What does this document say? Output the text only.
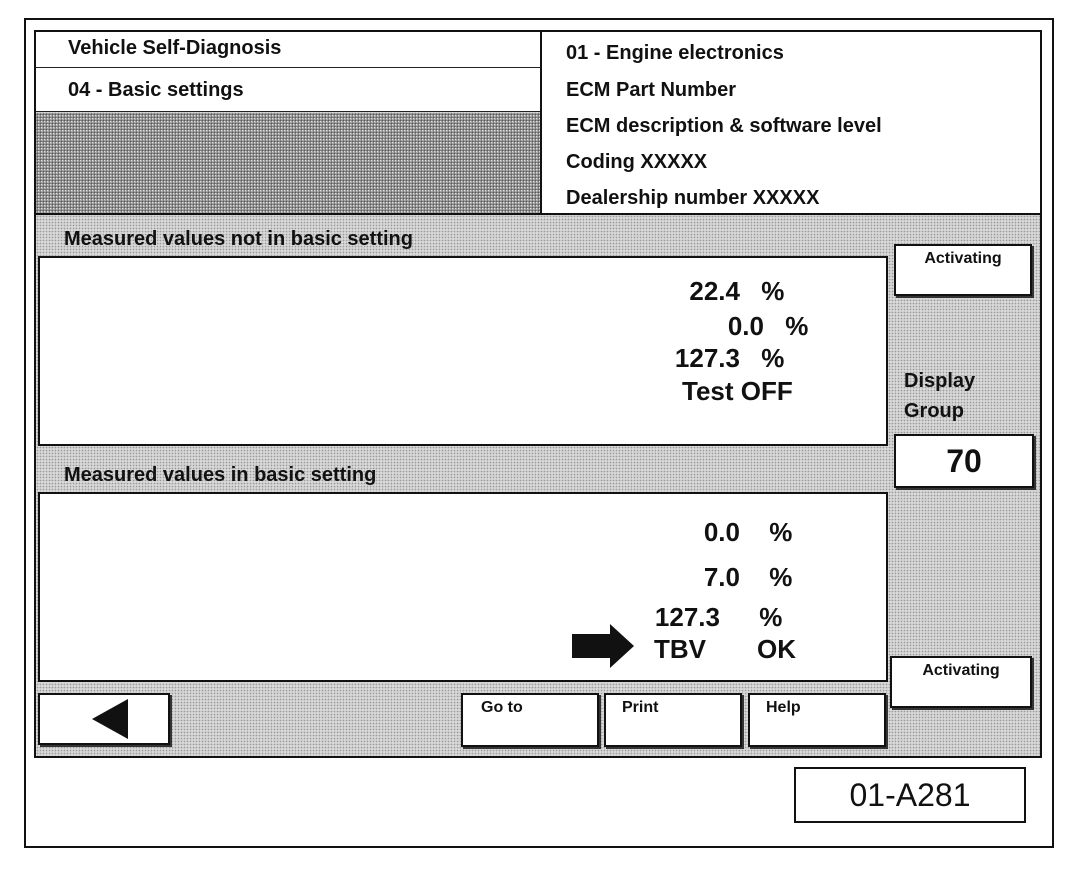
Vehicle Self-Diagnosis
04 - Basic settings
01 - Engine electronics
ECM Part Number
ECM description & software level
Coding XXXXX
Dealership number XXXXX
Measured values not in basic setting
22.4 %
0.0 %
127.3 %
Test OFF
Measured values in basic setting
0.0 %
7.0 %
127.3 %
TBV OK
Activating
Display
Group
70
Activating
Go to	Print	Help
01-A281
